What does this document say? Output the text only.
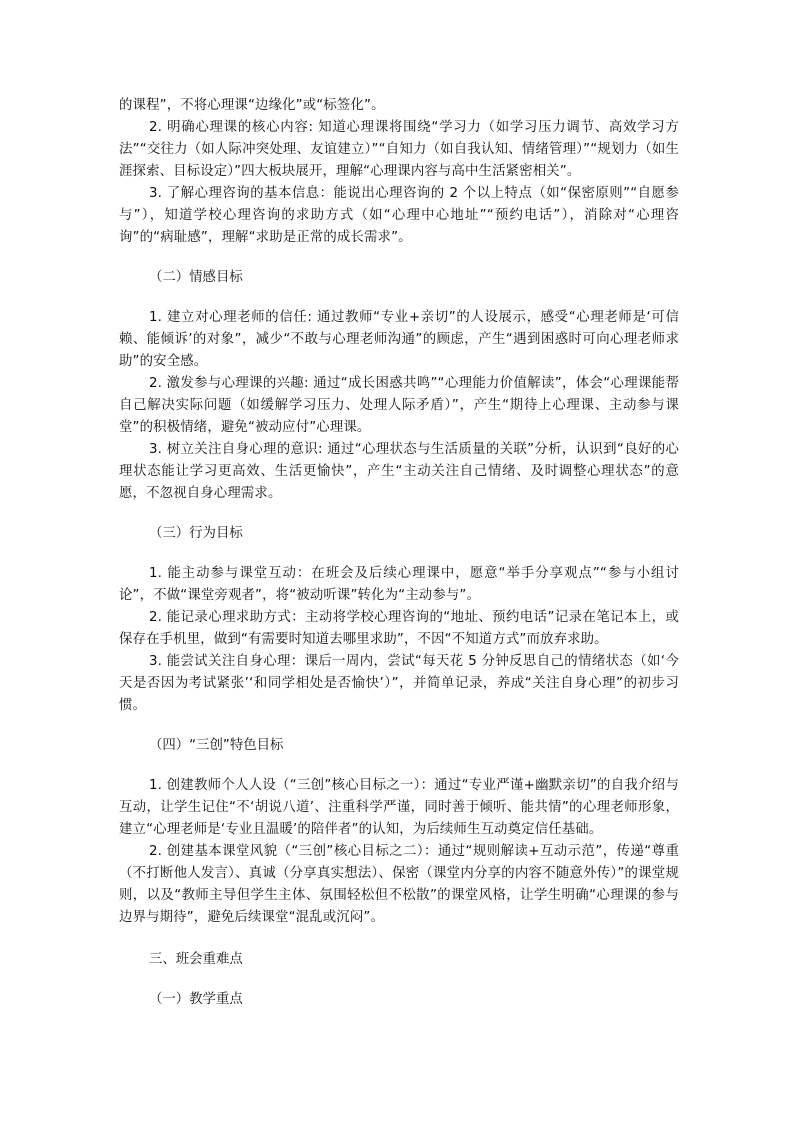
的课程”，不将心理课“边缘化”或“标签化”。

2. 明确心理课的核心内容: 知道心理课将围绕“学习力（如学习压力调节、高效学习方法”“交往力（如人际冲突处理、友谊建立）”“自知力（如自我认知、情绪管理）”“规划力（如生涯探索、目标设定）”四大板块展开，理解“心理课内容与高中生活紧密相关”。

3. 了解心理咨询的基本信息：能说出心理咨询的 2 个以上特点（如“保密原则”“自愿参与”），知道学校心理咨询的求助方式（如“心理中心地址”“预约电话”），消除对“心理咨询”的“病耻感”，理解“求助是正常的成长需求”。

（二）情感目标

1. 建立对心理老师的信任: 通过教师“专业+亲切”的人设展示，感受“心理老师是‘可信赖、能倾诉’的对象”，减少“不敢与心理老师沟通”的顾虑，产生“遇到困惑时可向心理老师求助”的安全感。

2. 激发参与心理课的兴趣: 通过“成长困惑共鸣”“心理能力价值解读”，体会“心理课能帮自己解决实际问题（如缓解学习压力、处理人际矛盾）”，产生“期待上心理课、主动参与课堂”的积极情绪，避免“被动应付”心理课。

3. 树立关注自身心理的意识: 通过“心理状态与生活质量的关联”分析，认识到“良好的心理状态能让学习更高效、生活更愉快”，产生“主动关注自己情绪、及时调整心理状态”的意愿，不忽视自身心理需求。

（三）行为目标

1. 能主动参与课堂互动：在班会及后续心理课中，愿意“举手分享观点”“参与小组讨论”，不做“课堂旁观者”，将“被动听课”转化为“主动参与”。

2. 能记录心理求助方式：主动将学校心理咨询的“地址、预约电话”记录在笔记本上，或保存在手机里，做到“有需要时知道去哪里求助”，不因“不知道方式”而放弃求助。

3. 能尝试关注自身心理：课后一周内，尝试“每天花 5 分钟反思自己的情绪状态（如‘今天是否因为考试紧张’‘和同学相处是否愉快’）”，并简单记录，养成“关注自身心理”的初步习惯。

（四）“三创”特色目标

1. 创建教师个人人设（“三创”核心目标之一）：通过“专业严谨+幽默亲切”的自我介绍与互动，让学生记住“不‘胡说八道’、注重科学严谨，同时善于倾听、能共情”的心理老师形象，建立“心理老师是‘专业且温暖’的陪伴者”的认知，为后续师生互动奠定信任基础。

2. 创建基本课堂风貌（“三创”核心目标之二）：通过“规则解读+互动示范”，传递“尊重（不打断他人发言）、真诚（分享真实想法）、保密（课堂内分享的内容不随意外传）”的课堂规则，以及“教师主导但学生主体、氛围轻松但不松散”的课堂风格，让学生明确“心理课的参与边界与期待”，避免后续课堂“混乱或沉闷”。

三、班会重难点
（一）教学重点
